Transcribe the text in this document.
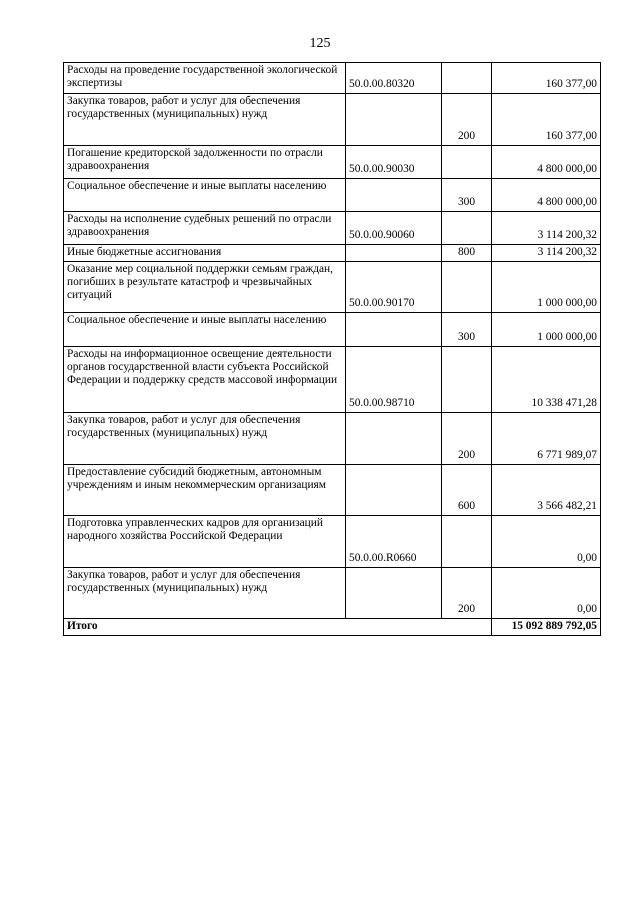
125
Расходы на проведение государственной экологической экспертизы	50.0.00.80320		160 377,00
Закупка товаров, работ и услуг для обеспечения государственных (муниципальных) нужд		200	160 377,00
Погашение кредиторской задолженности по отрасли здравоохранения	50.0.00.90030		4 800 000,00
Социальное обеспечение и иные выплаты населению		300	4 800 000,00
Расходы на исполнение судебных решений по отрасли здравоохранения	50.0.00.90060		3 114 200,32
Иные бюджетные ассигнования		800	3 114 200,32
Оказание мер социальной поддержки семьям граждан, погибших в результате катастроф и чрезвычайных ситуаций	50.0.00.90170		1 000 000,00
Социальное обеспечение и иные выплаты населению		300	1 000 000,00
Расходы на информационное освещение деятельности органов государственной власти субъекта Российской Федерации и поддержку средств массовой информации	50.0.00.98710		10 338 471,28
Закупка товаров, работ и услуг для обеспечения государственных (муниципальных) нужд		200	6 771 989,07
Предоставление субсидий бюджетным, автономным учреждениям и иным некоммерческим организациям		600	3 566 482,21
Подготовка управленческих кадров для организаций народного хозяйства Российской Федерации	50.0.00.R0660		0,00
Закупка товаров, работ и услуг для обеспечения государственных (муниципальных) нужд		200	0,00
Итого			15 092 889 792,05
